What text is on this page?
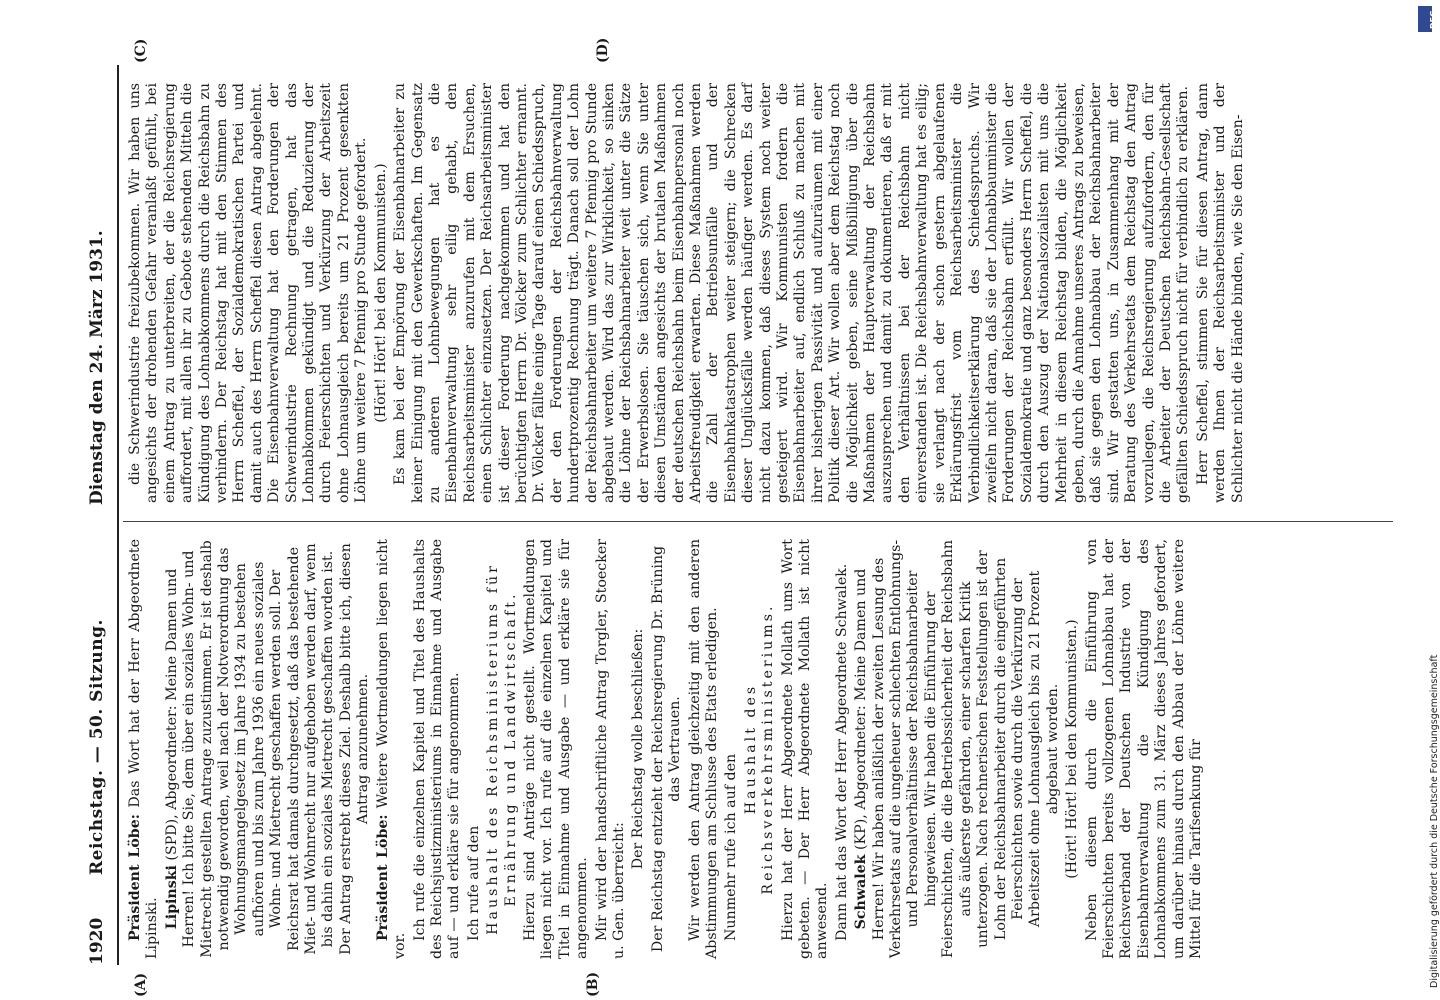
1920
Reichstag. — 50. Sitzung.
Dienstag den 24. März 1931.
(A)	(B)
(C)	(D)

Präsident Löbe: Das Wort hat der Herr Abgeordnete Lipinski. Lipinski (SPD), Abgeordneter: Meine Damen und Herren! Ich bitte Sie, dem über ein soziales Wohn- und Mietrecht gestellten Antrage zuzustimmen. Er ist deshalb notwendig geworden, weil nach der Notverordnung das Wohnungsmangelgesetz im Jahre 1934 zu bestehen aufhören und bis zum Jahre 1936 ein neues soziales Wohn- und Mietrecht geschaffen werden soll. Der Reichsrat hat damals durchgesetzt, daß das bestehende Miet- und Wohnrecht nur aufgehoben werden darf, wenn bis dahin ein soziales Mietrecht geschaffen worden ist. Der Antrag erstrebt dieses Ziel. Deshalb bitte ich, diesen Antrag anzunehmen.

Präsident Löbe: Weitere Wortmeldungen liegen nicht vor.

Ich rufe die einzelnen Kapitel und Titel des Haushalts des Reichsjustizministeriums in Einnahme und Ausgabe auf — und erkläre sie für angenommen. Ich rufe auf den Haushalt des Reichsministeriums für Ernährung und Landwirtschaft. Hierzu sind Anträge nicht gestellt. Wortmeldungen liegen nicht vor. Ich rufe auf die einzelnen Kapitel und Titel in Einnahme und Ausgabe — und erkläre sie für angenommen. Mir wird der handschriftliche Antrag Torgler, Stoecker u. Gen. überreicht:

Der Reichstag wolle beschließen: Der Reichstag entzieht der Reichsregierung Dr. Brüning das Vertrauen. Wir werden den Antrag gleichzeitig mit den anderen Abstimmungen am Schlusse des Etats erledigen. Nunmehr rufe ich auf den

Haushalt des Reichsverkehrsministeriums. Hierzu hat der Herr Abgeordnete Mollath ums Wort gebeten. — Der Herr Abgeordnete Mollath ist nicht anwesend. Dann hat das Wort der Herr Abgeordnete Schwalek. Schwalek (KP), Abgeordneter: Meine Damen und Herren! Wir haben anläßlich der zweiten Lesung des Verkehrsetats auf die ungeheuer schlechten Entlohnungs- und Personalverhältnisse der Reichsbahnarbeiter hingewiesen. Wir haben die Einführung der Feierschichten, die die Betriebssicherheit der Reichsbahn aufs äußerste gefährden, einer scharfen Kritik unterzogen. Nach rechnerischen Feststellungen ist der Lohn der Reichsbahnarbeiter durch die eingeführten Feierschichten sowie durch die Verkürzung der Arbeitszeit ohne Lohnausgleich bis zu 21 Prozent abgebaut worden. (Hört! Hört! bei den Kommunisten.) Neben diesem durch die Einführung von Feierschichten bereits vollzogenen Lohnabbau hat der Reichsverband der Deutschen Industrie von der Eisenbahnverwaltung die Kündigung des Lohnabkommens zum 31. März dieses Jahres gefordert, um darüber hinaus durch den Abbau der Löhne weitere Mittel für die Tarifsenkung für

die Schwerindustrie freizubekommen. Wir haben uns angesichts der drohenden Gefahr veranlaßt gefühlt, bei einem Antrag zu unterbreiten, der die Reichsregierung auffordert, mit allen ihr zu Gebote stehenden Mitteln die Kündigung des Lohnabkommens durch die Reichsbahn zu verhindern. Der Reichstag hat mit den Stimmen des Herrn Scheffel, der Sozialdemokratischen Partei und damit auch des Herrn Scheffel diesen Antrag abgelehnt. Die Eisenbahnverwaltung hat den Forderungen der Schwerindustrie Rechnung getragen, hat das Lohnabkommen gekündigt und die Reduzierung der durch Feierschichten und Verkürzung der Arbeitszeit ohne Lohnausgleich bereits um 21 Prozent gesenkten Löhne um weitere 7 Pfennig pro Stunde gefordert. (Hört! Hört! bei den Kommunisten.) Es kam bei der Empörung der Eisenbahnarbeiter zu keiner Einigung mit den Gewerkschaften. Im Gegensatz zu anderen Lohnbewegungen hat es die Eisenbahnverwaltung sehr eilig gehabt, den Reichsarbeitsminister anzurufen mit dem Ersuchen, einen Schlichter einzusetzen. Der Reichsarbeitsminister ist dieser Forderung nachgekommen und hat den berüchtigten Herrn Dr. Völcker zum Schlichter ernannt. Dr. Völcker fällte einige Tage darauf einen Schiedsspruch, der den Forderungen der Reichsbahnverwaltung hundertprozentig Rechnung trägt. Danach soll der Lohn der Reichsbahnarbeiter um weitere 7 Pfennig pro Stunde abgebaut werden. Wird das zur Wirklichkeit, so sinken die Löhne der Reichsbahnarbeiter weit unter die Sätze der Erwerbslosen. Sie täuschen sich, wenn Sie unter diesen Umständen angesichts der brutalen Maßnahmen der deutschen Reichsbahn beim Eisenbahnpersonal noch Arbeitsfreudigkeit erwarten. Diese Maßnahmen werden die Zahl der Betriebsunfälle und der Eisenbahnkatastrophen weiter steigern; die Schrecken dieser Unglücksfälle werden häufiger werden. Es darf nicht dazu kommen, daß dieses System noch weiter gesteigert wird. Wir Kommunisten fordern die Eisenbahnarbeiter auf, endlich Schluß zu machen mit ihrer bisherigen Passivität und aufzuräumen mit einer Politik dieser Art. Wir wollen aber dem Reichstag noch die Möglichkeit geben, seine Mißbilligung über die Maßnahmen der Hauptverwaltung der Reichsbahn auszusprechen und damit zu dokumentieren, daß er mit den Verhältnissen bei der Reichsbahn nicht einverstanden ist. Die Reichsbahnverwaltung hat es eilig; sie verlangt nach der schon gestern abgelaufenen Erklärungsfrist vom Reichsarbeitsminister die Verbindlichkeitserklärung des Schiedsspruchs. Wir zweifeln nicht daran, daß sie der Lohnabbauminister die Forderungen der Reichsbahn erfüllt. Wir wollen der Sozialdemokratie und ganz besonders Herrn Scheffel, die durch den Auszug der Nationalsozialisten mit uns die Mehrheit in diesem Reichstag bilden, die Möglichkeit geben, durch die Annahme unseres Antrags zu beweisen, daß sie gegen den Lohnabbau der Reichsbahnarbeiter sind. Wir gestatten uns, in Zusammenhang mit der Beratung des Verkehrsetats dem Reichstag den Antrag vorzulegen, die Reichsregierung aufzufordern, den für die Arbeiter der Deutschen Reichsbahn-Gesellschaft gefällten Schiedsspruch nicht für verbindlich zu erklären. Herr Scheffel, stimmen Sie für diesen Antrag, dann werden Ihnen der Reichsarbeitsminister und der Schlichter nicht die Hände binden, wie Sie den Eisen-

DFG
Digitalisierung gefördert durch die Deutsche Forschungsgemeinschaft
